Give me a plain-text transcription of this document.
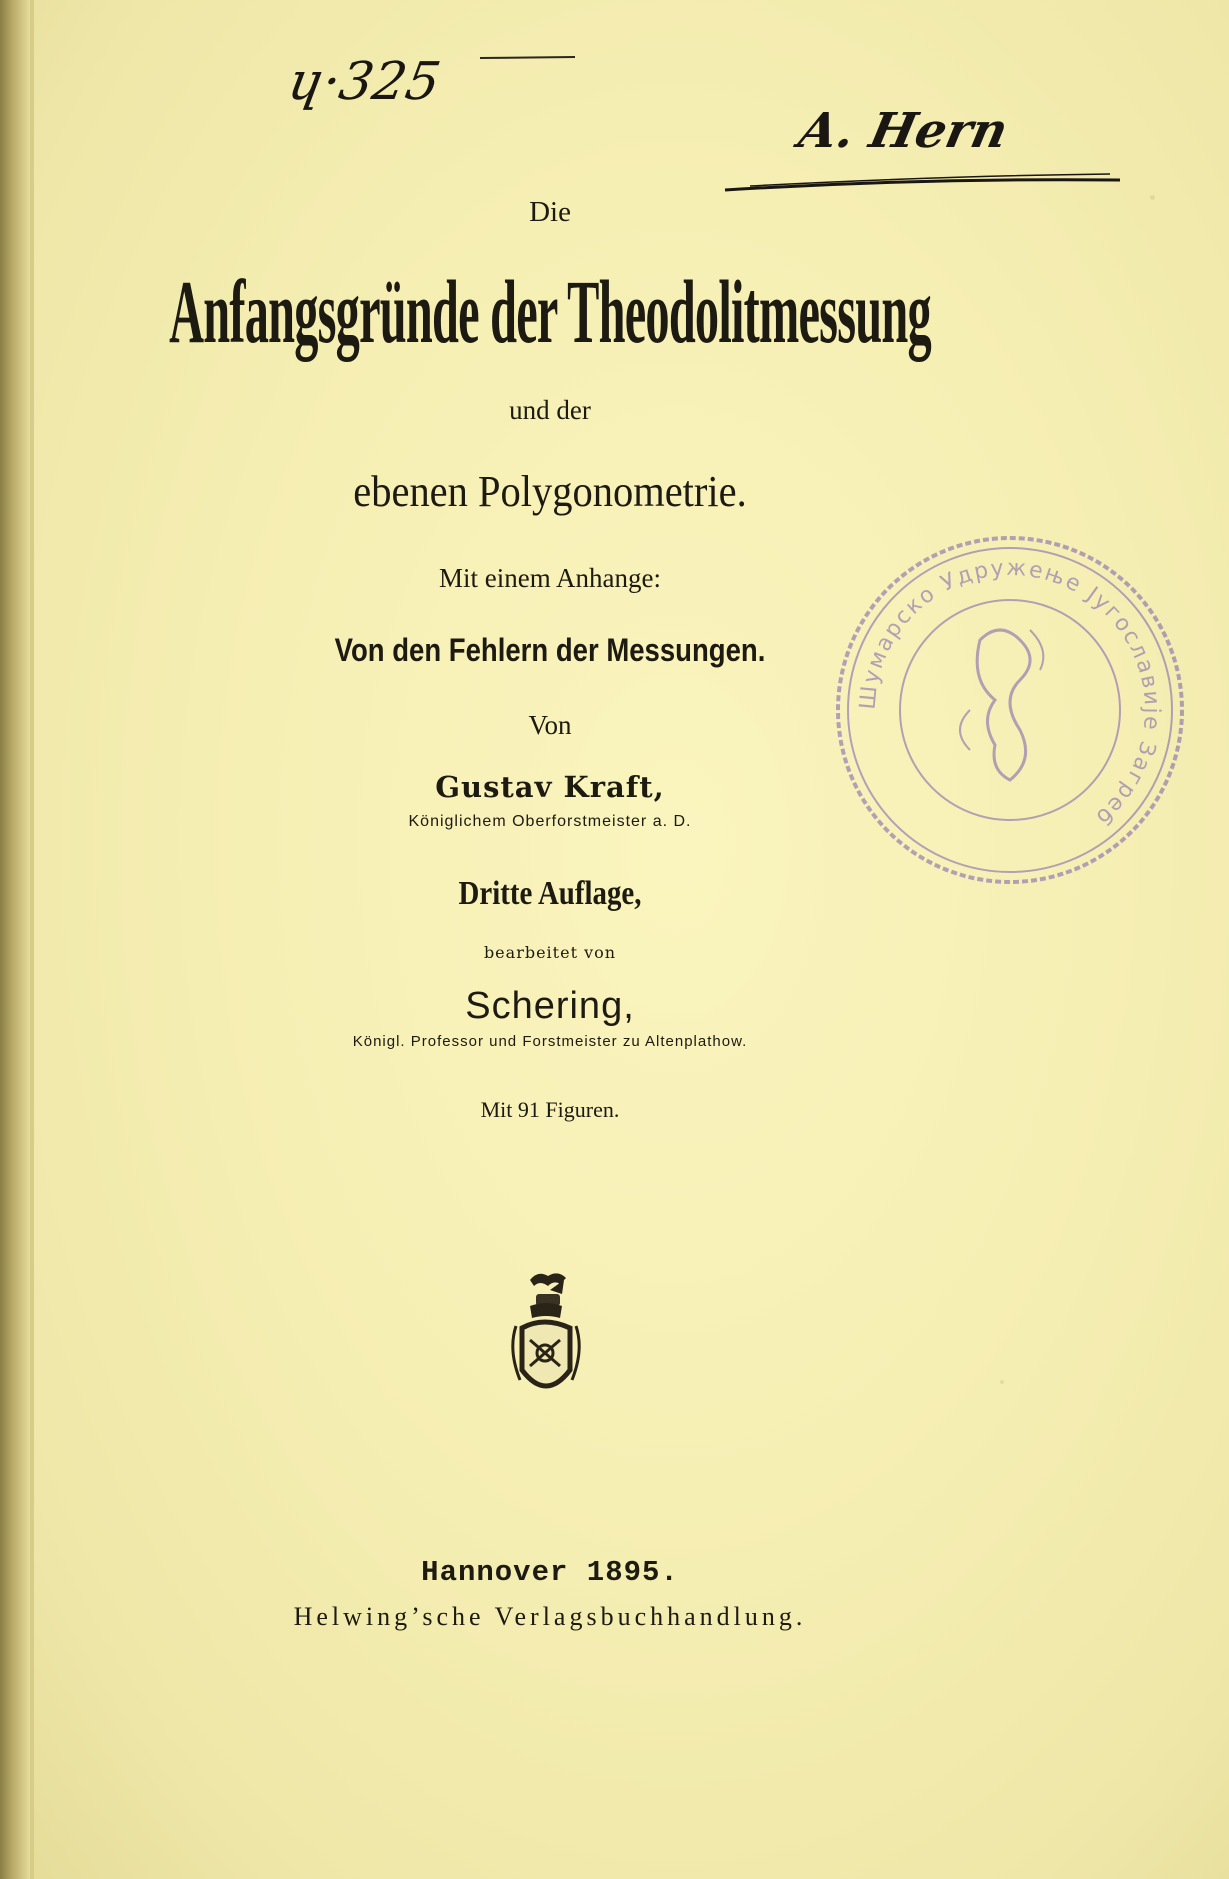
ɥ·325
A. Hern
Die
Anfangsgründe der Theodolitmessung
und der
ebenen Polygonometrie.
Mit einem Anhange:
Von den Fehlern der Messungen.
Von
Gustav Kraft,
Königlichem Oberforstmeister a. D.
Dritte Auflage,
bearbeitet von
Schering,
Königl. Professor und Forstmeister zu Altenplathow.
Mit 91 Figuren.
Шумарско Удружење Југославије Загреб
Hannover 1895.
Helwing’sche Verlagsbuchhandlung.
